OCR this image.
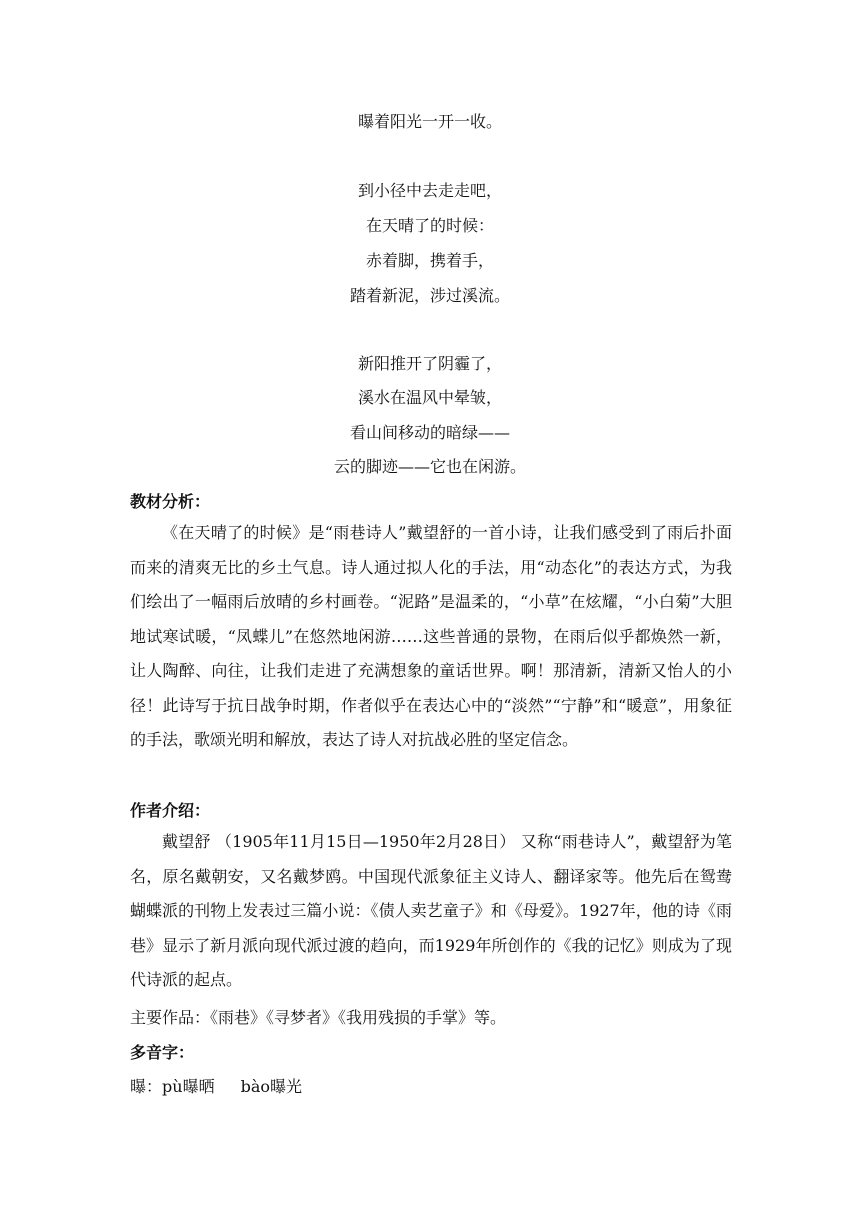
曝着阳光一开一收。
到小径中去走走吧，
在天晴了的时候：
赤着脚，携着手，
踏着新泥，涉过溪流。
新阳推开了阴霾了，
溪水在温风中晕皱，
看山间移动的暗绿——
云的脚迹——它也在闲游。
教材分析：
《在天晴了的时候》是“雨巷诗人”戴望舒的一首小诗，让我们感受到了雨后扑面而来的清爽无比的乡土气息。诗人通过拟人化的手法，用“动态化”的表达方式，为我们绘出了一幅雨后放晴的乡村画卷。“泥路”是温柔的，“小草”在炫耀，“小白菊”大胆地试寒试暖，“凤蝶儿”在悠然地闲游……这些普通的景物，在雨后似乎都焕然一新，让人陶醉、向往，让我们走进了充满想象的童话世界。啊！那清新，清新又怡人的小径！此诗写于抗日战争时期，作者似乎在表达心中的“淡然”“宁静”和“暖意”，用象征的手法，歌颂光明和解放，表达了诗人对抗战必胜的坚定信念。
作者介绍：
戴望舒 （1905年11月15日—1950年2月28日） 又称“雨巷诗人”，戴望舒为笔名，原名戴朝安，又名戴梦鸥。中国现代派象征主义诗人、翻译家等。他先后在鸳鸯蝴蝶派的刊物上发表过三篇小说：《债人卖艺童子》和《母爱》。1927年，他的诗《雨巷》显示了新月派向现代派过渡的趋向，而1929年所创作的《我的记忆》则成为了现代诗派的起点。
主要作品：《雨巷》《寻梦者》《我用残损的手掌》等。
多音字：
曝：pù曝晒 bào曝光
